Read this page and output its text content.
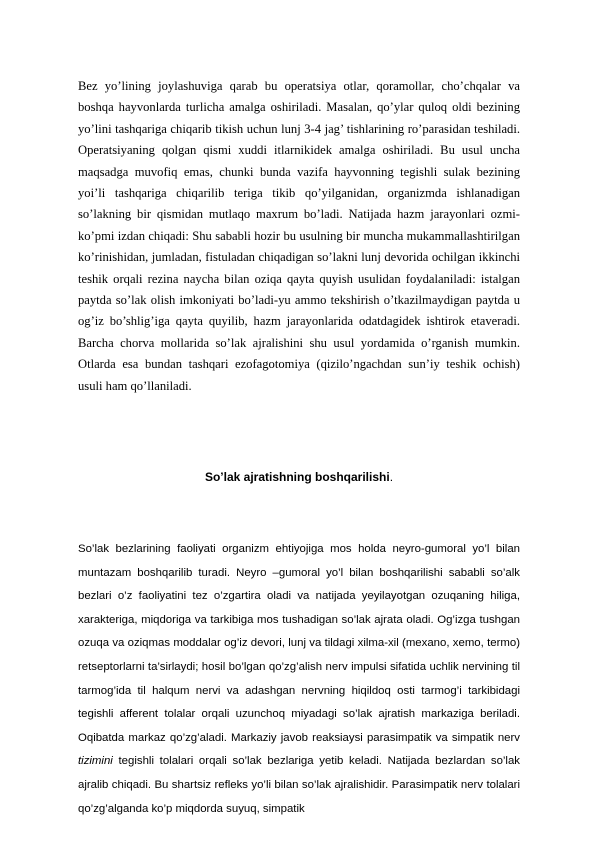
Bez yo’lining joylashuviga qarab bu operatsiya otlar, qoramollar, cho’chqalar va boshqa hayvonlarda turlicha amalga oshiriladi. Masalan, qo’ylar quloq oldi bezining yo’lini tashqariga chiqarib tikish uchun lunj 3-4 jag’ tishlarining ro’parasidan teshiladi. Operatsiyaning qolgan qismi xuddi itlarnikidek amalga oshiriladi. Bu usul uncha maqsadga muvofiq emas, chunki bunda vazifa hayvonning tegishli sulak bezining yoi’li tashqariga chiqarilib teriga tikib qo’yilganidan, organizmda ishlanadigan so’lakning bir qismidan mutlaqo maxrum bo’ladi. Natijada hazm jarayonlari ozmi-ko’pmi izdan chiqadi: Shu sababli hozir bu usulning bir muncha mukammallashtirilgan ko’rinishidan, jumladan, fistuladan chiqadigan so’lakni lunj devorida ochilgan ikkinchi teshik orqali rezina naycha bilan oziqa qayta quyish usulidan foydalaniladi: istalgan paytda so’lak olish imkoniyati bo’ladi-yu ammo tekshirish o’tkazilmaydigan paytda u og’iz bo’shlig’iga qayta quyilib, hazm jarayonlarida odatdagidek ishtirok etaveradi. Barcha chorva mollarida so’lak ajralishini shu usul yordamida o’rganish mumkin. Otlarda esa bundan tashqari ezofagotomiya (qizilo’ngachdan sun’iy teshik ochish) usuli ham qo’llaniladi.

So’lak ajratishning boshqarilishi.

So’lak bezlarining faoliyati organizm ehtiyojiga mos holda neyro-gumoral yo’l bilan muntazam boshqarilib turadi. Neyro –gumoral yo’l bilan boshqarilishi sababli so’alk bezlari o’z faoliyatini tez o’zgartira oladi va natijada yeyilayotgan ozuqaning hiliga, xarakteriga, miqdoriga va tarkibiga mos tushadigan so’lak ajrata oladi. Og’izga tushgan ozuqa va oziqmas moddalar og’iz devori, lunj va tildagi xilma-xil (mexano, xemo, termo) retseptorlarni ta’sirlaydi; hosil bo’lgan qo’zg’alish nerv impulsi sifatida uchlik nervining til tarmog’ida til halqum nervi va adashgan nervning hiqildoq osti tarmog’i tarkibidagi tegishli afferent tolalar orqali uzunchoq miyadagi so’lak ajratish markaziga beriladi. Oqibatda markaz qo’zg’aladi. Markaziy javob reaksiaysi parasimpatik va simpatik nerv tizimini tegishli tolalari orqali so’lak bezlariga yetib keladi. Natijada bezlardan so’lak ajralib chiqadi. Bu shartsiz refleks yo’li bilan so’lak ajralishidir. Parasimpatik nerv tolalari qo’zg’alganda ko’p miqdorda suyuq, simpatik
